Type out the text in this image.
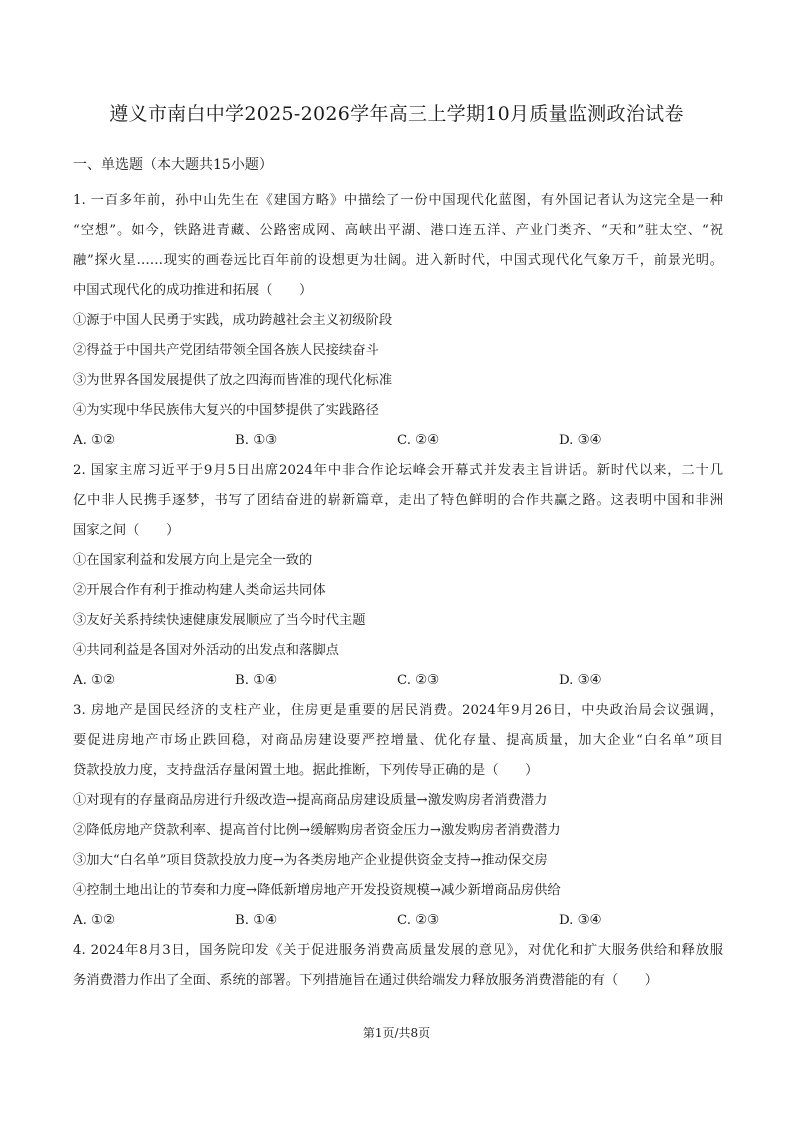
遵义市南白中学2025-2026学年高三上学期10月质量监测政治试卷
一、单选题（本大题共15小题）
1. 一百多年前，孙中山先生在《建国方略》中描绘了一份中国现代化蓝图，有外国记者认为这完全是一种
“空想”。如今，铁路进青藏、公路密成网、高峡出平湖、港口连五洋、产业门类齐、“天和”驻太空、“祝
融”探火星……现实的画卷远比百年前的设想更为壮阔。进入新时代，中国式现代化气象万千，前景光明。
中国式现代化的成功推进和拓展（　　）
①源于中国人民勇于实践，成功跨越社会主义初级阶段
②得益于中国共产党团结带领全国各族人民接续奋斗
③为世界各国发展提供了放之四海而皆准的现代化标准
④为实现中华民族伟大复兴的中国梦提供了实践路径
A. ①②	B. ①③	C. ②④	D. ③④
2. 国家主席习近平于9月5日出席2024年中非合作论坛峰会开幕式并发表主旨讲话。新时代以来，二十几
亿中非人民携手逐梦，书写了团结奋进的崭新篇章，走出了特色鲜明的合作共赢之路。这表明中国和非洲
国家之间（　　）
①在国家利益和发展方向上是完全一致的
②开展合作有利于推动构建人类命运共同体
③友好关系持续快速健康发展顺应了当今时代主题
④共同利益是各国对外活动的出发点和落脚点
A. ①②	B. ①④	C. ②③	D. ③④
3. 房地产是国民经济的支柱产业，住房更是重要的居民消费。2024年9月26日，中央政治局会议强调，
要促进房地产市场止跌回稳，对商品房建设要严控增量、优化存量、提高质量，加大企业“白名单”项目
贷款投放力度，支持盘活存量闲置土地。据此推断，下列传导正确的是（　　）
①对现有的存量商品房进行升级改造→提高商品房建设质量→激发购房者消费潜力
②降低房地产贷款利率、提高首付比例→缓解购房者资金压力→激发购房者消费潜力
③加大“白名单”项目贷款投放力度→为各类房地产企业提供资金支持→推动保交房
④控制土地出让的节奏和力度→降低新增房地产开发投资规模→减少新增商品房供给
A. ①②	B. ①④	C. ②③	D. ③④
4. 2024年8月3日，国务院印发《关于促进服务消费高质量发展的意见》，对优化和扩大服务供给和释放服
务消费潜力作出了全面、系统的部署。下列措施旨在通过供给端发力释放服务消费潜能的有（　　）
第1页/共8页
